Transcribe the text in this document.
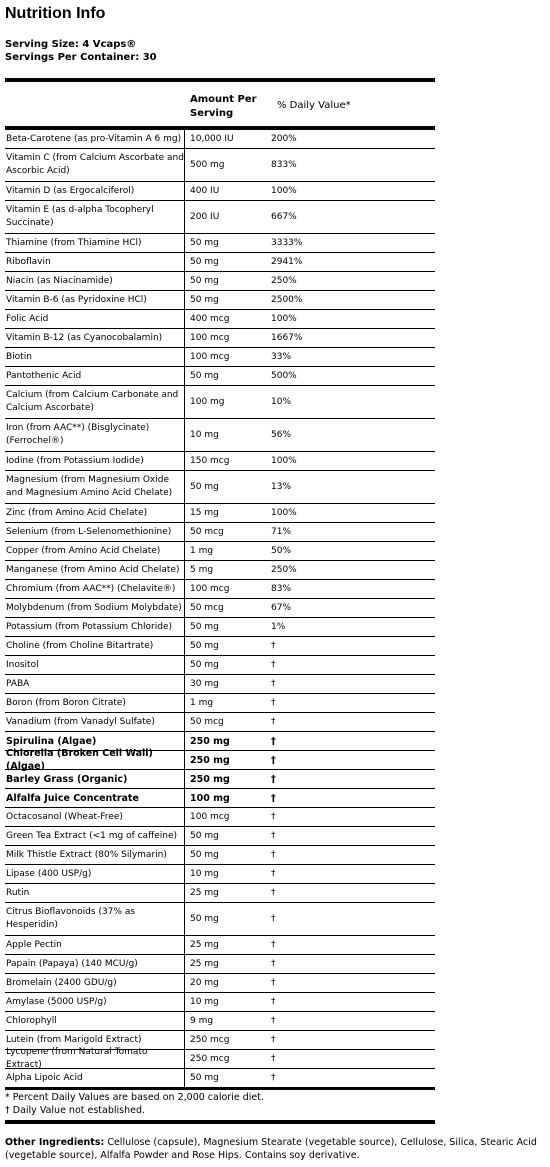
Nutrition Info
Serving Size: 4 Vcaps®
Servings Per Container: 30
Amount Per
Serving
% Daily Value*
Beta-Carotene (as pro-Vitamin A 6 mg) 10,000 IU	200%
Vitamin C (from Calcium Ascorbate and Ascorbic Acid)
500 mg	833%
Vitamin D (as Ergocalciferol)	400 IU	100%
Vitamin E (as d-alpha Tocopheryl Succinate)
200 IU	667%
Thiamine (from Thiamine HCl)	50 mg	3333%
Riboflavin	50 mg	2941%
Niacin (as Niacinamide)	50 mg	250%
Vitamin B-6 (as Pyridoxine HCl)	50 mg	2500%
Folic Acid	400 mcg	100%
Vitamin B-12 (as Cyanocobalamin)	100 mcg	1667%
Biotin	100 mcg	33%
Pantothenic Acid	50 mg	500%
Calcium (from Calcium Carbonate and Calcium Ascorbate)
100 mg	10%
Iron (from AAC**) (Bisglycinate) (Ferrochel®)
10 mg	56%
Iodine (from Potassium Iodide)	150 mcg	100%
Magnesium (from Magnesium Oxide and Magnesium Amino Acid Chelate)
50 mg	13%
Zinc (from Amino Acid Chelate)	15 mg	100%
Selenium (from L-Selenomethionine)	50 mcg	71%
Copper (from Amino Acid Chelate)	1 mg	50%
Manganese (from Amino Acid Chelate)	5 mg	250%
Chromium (from AAC**) (Chelavite®)	100 mcg	83%
Molybdenum (from Sodium Molybdate) 50 mcg	67%
Potassium (from Potassium Chloride)	50 mg	1%
Choline (from Choline Bitartrate)	50 mg	†
Inositol	50 mg	†
PABA	30 mg	†
Boron (from Boron Citrate)	1 mg	†
Vanadium (from Vanadyl Sulfate)	50 mcg	†
Spirulina (Algae)	250 mg	†
Chlorella (Broken Cell Wall) (Algae)
250 mg	†
Barley Grass (Organic)	250 mg	†
Alfalfa Juice Concentrate	100 mg	†
Octacosanol (Wheat-Free)	100 mcg	†
Green Tea Extract (<1 mg of caffeine)	50 mg	†
Milk Thistle Extract (80% Silymarin)	50 mg	†
Lipase (400 USP/g)	10 mg	†
Rutin	25 mg	†
Citrus Bioflavonoids (37% as Hesperidin)
50 mg	†
Apple Pectin	25 mg	†
Papain (Papaya) (140 MCU/g)	25 mg	†
Bromelain (2400 GDU/g)	20 mg	†
Amylase (5000 USP/g)	10 mg	†
Chlorophyll	9 mg	†
Lutein (from Marigold Extract)	250 mcg	†
Lycopene (from Natural Tomato Extract)
250 mcg	†
Alpha Lipoic Acid	50 mg	†
* Percent Daily Values are based on 2,000 calorie diet.
† Daily Value not established.
Other Ingredients: Cellulose (capsule), Magnesium Stearate (vegetable source), Cellulose, Silica, Stearic Acid (vegetable source), Alfalfa Powder and Rose Hips. Contains soy derivative.
